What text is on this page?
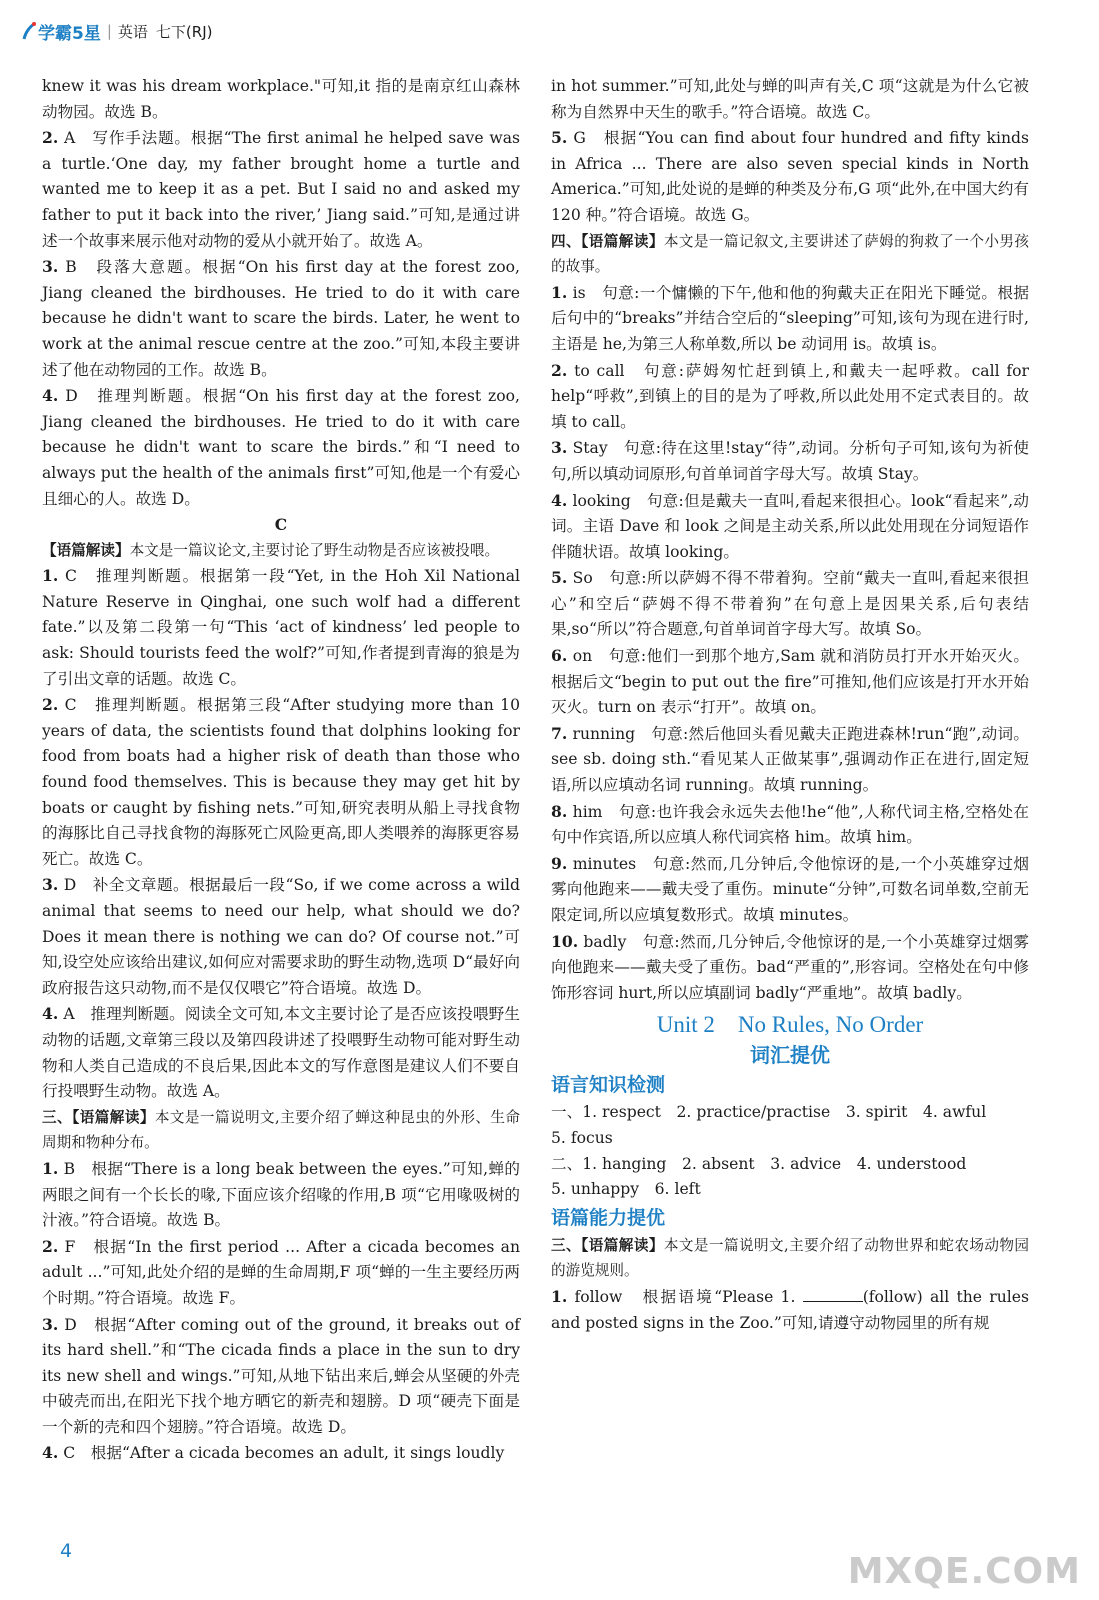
学霸5星 | 英语 七下(RJ)

knew it was his dream workplace."可知,it 指的是南京红山森林动物园。故选 B。

2. A　写作手法题。根据“The first animal he helped save was a turtle.‘One day, my father brought home a turtle and wanted me to keep it as a pet. But I said no and asked my father to put it back into the river,’ Jiang said.”可知,是通过讲述一个故事来展示他对动物的爱从小就开始了。故选 A。

3. B　段落大意题。根据“On his first day at the forest zoo, Jiang cleaned the birdhouses. He tried to do it with care because he didn't want to scare the birds. Later, he went to work at the animal rescue centre at the zoo.”可知,本段主要讲述了他在动物园的工作。故选 B。

4. D　推理判断题。根据“On his first day at the forest zoo, Jiang cleaned the birdhouses. He tried to do it with care because he didn't want to scare the birds.”和“I need to always put the health of the animals first”可知,他是一个有爱心且细心的人。故选 D。

C

【语篇解读】本文是一篇议论文,主要讨论了野生动物是否应该被投喂。

1. C　推理判断题。根据第一段“Yet, in the Hoh Xil National Nature Reserve in Qinghai, one such wolf had a different fate.”以及第二段第一句“This ‘act of kindness’ led people to ask: Should tourists feed the wolf?”可知,作者提到青海的狼是为了引出文章的话题。故选 C。

2. C　推理判断题。根据第三段“After studying more than 10 years of data, the scientists found that dolphins looking for food from boats had a higher risk of death than those who found food themselves. This is because they may get hit by boats or caught by fishing nets.”可知,研究表明从船上寻找食物的海豚比自己寻找食物的海豚死亡风险更高,即人类喂养的海豚更容易死亡。故选 C。

3. D　补全文章题。根据最后一段“So, if we come across a wild animal that seems to need our help, what should we do? Does it mean there is nothing we can do? Of course not.”可知,设空处应该给出建议,如何应对需要求助的野生动物,选项 D“最好向政府报告这只动物,而不是仅仅喂它”符合语境。故选 D。

4. A　推理判断题。阅读全文可知,本文主要讨论了是否应该投喂野生动物的话题,文章第三段以及第四段讲述了投喂野生动物可能对野生动物和人类自己造成的不良后果,因此本文的写作意图是建议人们不要自行投喂野生动物。故选 A。

三、【语篇解读】本文是一篇说明文,主要介绍了蝉这种昆虫的外形、生命周期和物种分布。

1. B　根据“There is a long beak between the eyes.”可知,蝉的两眼之间有一个长长的喙,下面应该介绍喙的作用,B 项“它用喙吸树的汁液。”符合语境。故选 B。

2. F　根据“In the first period ... After a cicada becomes an adult ...”可知,此处介绍的是蝉的生命周期,F 项“蝉的一生主要经历两个时期。”符合语境。故选 F。

3. D　根据“After coming out of the ground, it breaks out of its hard shell.”和“The cicada finds a place in the sun to dry its new shell and wings.”可知,从地下钻出来后,蝉会从坚硬的外壳中破壳而出,在阳光下找个地方晒它的新壳和翅膀。D 项“硬壳下面是一个新的壳和四个翅膀。”符合语境。故选 D。

4. C　根据“After a cicada becomes an adult, it sings loudly

in hot summer.”可知,此处与蝉的叫声有关,C 项“这就是为什么它被称为自然界中天生的歌手。”符合语境。故选 C。

5. G　根据“You can find about four hundred and fifty kinds in Africa ... There are also seven special kinds in North America.”可知,此处说的是蝉的种类及分布,G 项“此外,在中国大约有 120 种。”符合语境。故选 G。

四、【语篇解读】本文是一篇记叙文,主要讲述了萨姆的狗救了一个小男孩的故事。

1. is　句意:一个慵懒的下午,他和他的狗戴夫正在阳光下睡觉。根据后句中的“breaks”并结合空后的“sleeping”可知,该句为现在进行时,主语是 he,为第三人称单数,所以 be 动词用 is。故填 is。

2. to call　句意:萨姆匆忙赶到镇上,和戴夫一起呼救。call for help“呼救”,到镇上的目的是为了呼救,所以此处用不定式表目的。故填 to call。

3. Stay　句意:待在这里!stay“待”,动词。分析句子可知,该句为祈使句,所以填动词原形,句首单词首字母大写。故填 Stay。

4. looking　句意:但是戴夫一直叫,看起来很担心。look“看起来”,动词。主语 Dave 和 look 之间是主动关系,所以此处用现在分词短语作伴随状语。故填 looking。

5. So　句意:所以萨姆不得不带着狗。空前“戴夫一直叫,看起来很担心”和空后“萨姆不得不带着狗”在句意上是因果关系,后句表结果,so“所以”符合题意,句首单词首字母大写。故填 So。

6. on　句意:他们一到那个地方,Sam 就和消防员打开水开始灭火。根据后文“begin to put out the fire”可推知,他们应该是打开水开始灭火。turn on 表示“打开”。故填 on。

7. running　句意:然后他回头看见戴夫正跑进森林!run“跑”,动词。see sb. doing sth.“看见某人正做某事”,强调动作正在进行,固定短语,所以应填动名词 running。故填 running。

8. him　句意:也许我会永远失去他!he“他”,人称代词主格,空格处在句中作宾语,所以应填人称代词宾格 him。故填 him。

9. minutes　句意:然而,几分钟后,令他惊讶的是,一个小英雄穿过烟雾向他跑来——戴夫受了重伤。minute“分钟”,可数名词单数,空前无限定词,所以应填复数形式。故填 minutes。

10. badly　句意:然而,几分钟后,令他惊讶的是,一个小英雄穿过烟雾向他跑来——戴夫受了重伤。bad“严重的”,形容词。空格处在句中修饰形容词 hurt,所以应填副词 badly“严重地”。故填 badly。

Unit 2　No Rules, No Order
词汇提优
语言知识检测

一、1. respect　2. practice/practise　3. spirit　4. awful

5. focus

二、1. hanging　2. absent　3. advice　4. understood

5. unhappy　6. left

语篇能力提优

三、【语篇解读】本文是一篇说明文,主要介绍了动物世界和蛇农场动物园的游览规则。

1. follow　根据语境“Please 1.	(follow) all the rules and posted signs in the Zoo.”可知,请遵守动物园里的所有规

4	MXQE.COM
